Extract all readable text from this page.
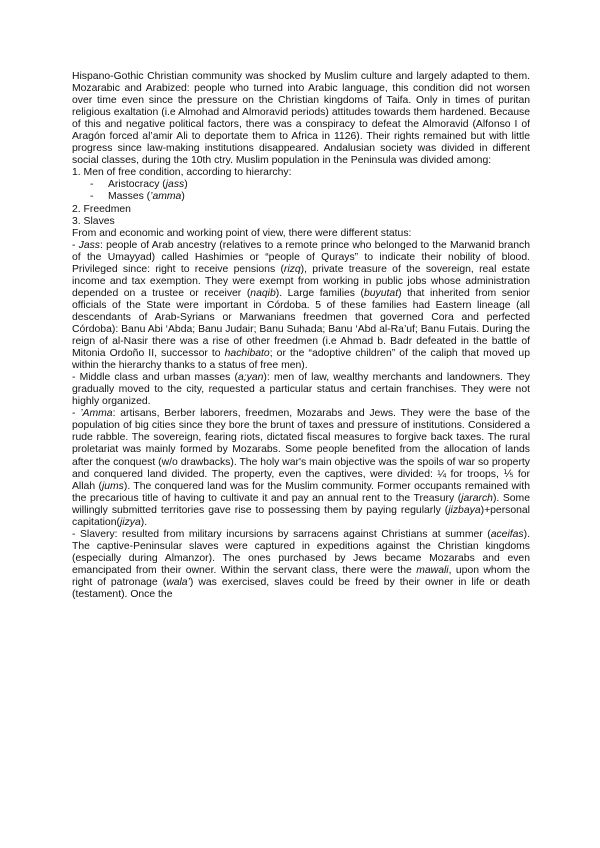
Hispano-Gothic Christian community was shocked by Muslim culture and largely adapted to them. Mozarabic and Arabized: people who turned into Arabic language, this condition did not worsen over time even since the pressure on the Christian kingdoms of Taifa. Only in times of puritan religious exaltation (i.e Almohad and Almoravid periods) attitudes towards them hardened. Because of this and negative political factors, there was a conspiracy to defeat the Almoravid (Alfonso I of Aragón forced al’amir Ali to deportate them to Africa in 1126). Their rights remained but with little progress since law-making institutions disappeared. Andalusian society was divided in different social classes, during the 10th ctry. Muslim population in the Peninsula was divided among:

1. Men of free condition, according to hierarchy:

-	Aristocracy (jass)
-	Masses (’amma)

2. Freedmen

3. Slaves

From and economic and working point of view, there were different status:

- Jass: people of Arab ancestry (relatives to a remote prince who belonged to the Marwanid branch of the Umayyad) called Hashimies or “people of Qurays” to indicate their nobility of blood. Privileged since: right to receive pensions (rizq), private treasure of the sovereign, real estate income and tax exemption. They were exempt from working in public jobs whose administration depended on a trustee or receiver (naqib). Large families (buyutat) that inherited from senior officials of the State were important in Córdoba. 5 of these families had Eastern lineage (all descendants of Arab-Syrians or Marwanians freedmen that governed Cora and perfected Córdoba): Banu Abi ‘Abda; Banu Judair; Banu Suhada; Banu ‘Abd al-Ra’uf; Banu Futais. During the reign of al-Nasir there was a rise of other freedmen (i.e Ahmad b. Badr defeated in the battle of Mitonia Ordoño II, successor to hachibato; or the “adoptive children” of the caliph that moved up within the hierarchy thanks to a status of free men).

- Middle class and urban masses (a;yan): men of law, wealthy merchants and landowners. They gradually moved to the city, requested a particular status and certain franchises. They were not highly organized.

- ’Amma: artisans, Berber laborers, freedmen, Mozarabs and Jews. They were the base of the population of big cities since they bore the brunt of taxes and pressure of institutions. Considered a rude rabble. The sovereign, fearing riots, dictated fiscal measures to forgive back taxes. The rural proletariat was mainly formed by Mozarabs. Some people benefited from the allocation of lands after the conquest (w/o drawbacks). The holy war's main objective was the spoils of war so property and conquered land divided. The property, even the captives, were divided: ¼ for troops, ⅕ for Allah (jums). The conquered land was for the Muslim community. Former occupants remained with the precarious title of having to cultivate it and pay an annual rent to the Treasury (jararch). Some willingly submitted territories gave rise to possessing them by paying regularly (jizbaya)+personal capitation(jizya).

- Slavery: resulted from military incursions by sarracens against Christians at summer (aceifas). The captive-Peninsular slaves were captured in expeditions against the Christian kingdoms (especially during Almanzor). The ones purchased by Jews became Mozarabs and even emancipated from their owner. Within the servant class, there were the mawali, upon whom the right of patronage (wala’) was exercised, slaves could be freed by their owner in life or death (testament). Once the
